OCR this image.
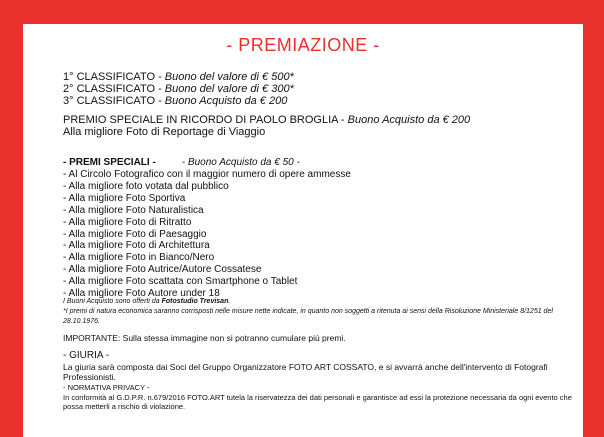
- PREMIAZIONE -
1° CLASSIFICATO - Buono del valore di € 500*
2° CLASSIFICATO - Buono del valore di € 300*
3° CLASSIFICATO - Buono Acquisto da € 200
PREMIO SPECIALE IN RICORDO DI PAOLO BROGLIA - Buono Acquisto da € 200
Alla migliore Foto di Reportage di Viaggio
- PREMI SPECIALI -	- Buono Acquisto da € 50 -
- Al Circolo Fotografico con il maggior numero di opere ammesse
- Alla migliore foto votata dal pubblico
- Alla migliore Foto Sportiva
- Alla migliore Foto Naturalistica
- Alla migliore Foto di Ritratto
- Alla migliore Foto di Paesaggio
- Alla migliore Foto di Architettura
- Alla migliore Foto in Bianco/Nero
- Alla migliore Foto Autrice/Autore Cossatese
- Alla migliore Foto scattata con Smartphone o Tablet
- Alla migliore Foto Autore under 18
I Buoni Acquisto sono offerti da Fotostudio Trevisan.
*I premi di natura economica saranno corrisposti nelle misure nette indicate, in quanto non soggetti a ritenuta ai sensi della Risoluzione Ministeriale 8/1251 del 28.10.1976.
IMPORTANTE: Sulla stessa immagine non si potranno cumulare più premi.
- GIURIA -
La giuria sarà composta dai Soci del Gruppo Organizzatore FOTO ART COSSATO, e si avvarrà anche dell'intervento di Fotografi Professionisti.
- NORMATIVA PRIVACY -
In conformità al G.D.P.R. n.679/2016 FOTO.ART tutela la riservatezza dei dati personali e garantisce ad essi la protezione necessaria da ogni evento che possa metterli a rischio di violazione.
